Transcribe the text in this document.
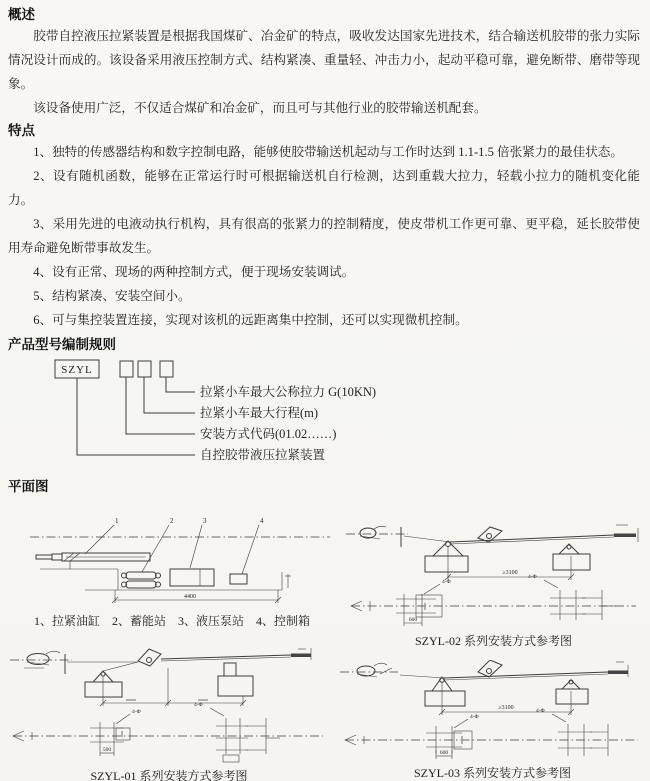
概述

胶带自控液压拉紧装置是根据我国煤矿、冶金矿的特点，吸收发达国家先进技术，结合输送机胶带的张力实际情况设计而成的。该设备采用液压控制方式、结构紧凑、重量轻、冲击力小，起动平稳可靠，避免断带、磨带等现象。

该设备使用广泛，不仅适合煤矿和冶金矿，而且可与其他行业的胶带输送机配套。

特点

1、独特的传感器结构和数字控制电路，能够使胶带输送机起动与工作时达到 1.1-1.5 倍张紧力的最佳状态。

2、设有随机函数，能够在正常运行时可根据输送机自行检测，达到重载大拉力，轻载小拉力的随机变化能力。

3、采用先进的电液动执行机构，具有很高的张紧力的控制精度，使皮带机工作更可靠、更平稳，延长胶带使用寿命避免断带事故发生。

4、设有正常、现场的两种控制方式，便于现场安装调试。

5、结构紧凑、安装空间小。

6、可与集控装置连接，实现对该机的远距离集中控制，还可以实现微机控制。

产品型号编制规则
SZYL
拉紧小车最大公称拉力 G(10KN)
拉紧小车最大行程(m)
安装方式代码(01.02……)
自控胶带液压拉紧装置
平面图
1	2	3	4
4400
1、拉紧油缸　2、蓄能站　3、液压泵站　4、控制箱
≥3100
4-Φ
600
4-Φ
SZYL-02 系列安装方式参考图
4-Φ
500
4-Φ
SZYL-01 系列安装方式参考图
≥3100
4-Φ
600
4-Φ
SZYL-03 系列安装方式参考图
